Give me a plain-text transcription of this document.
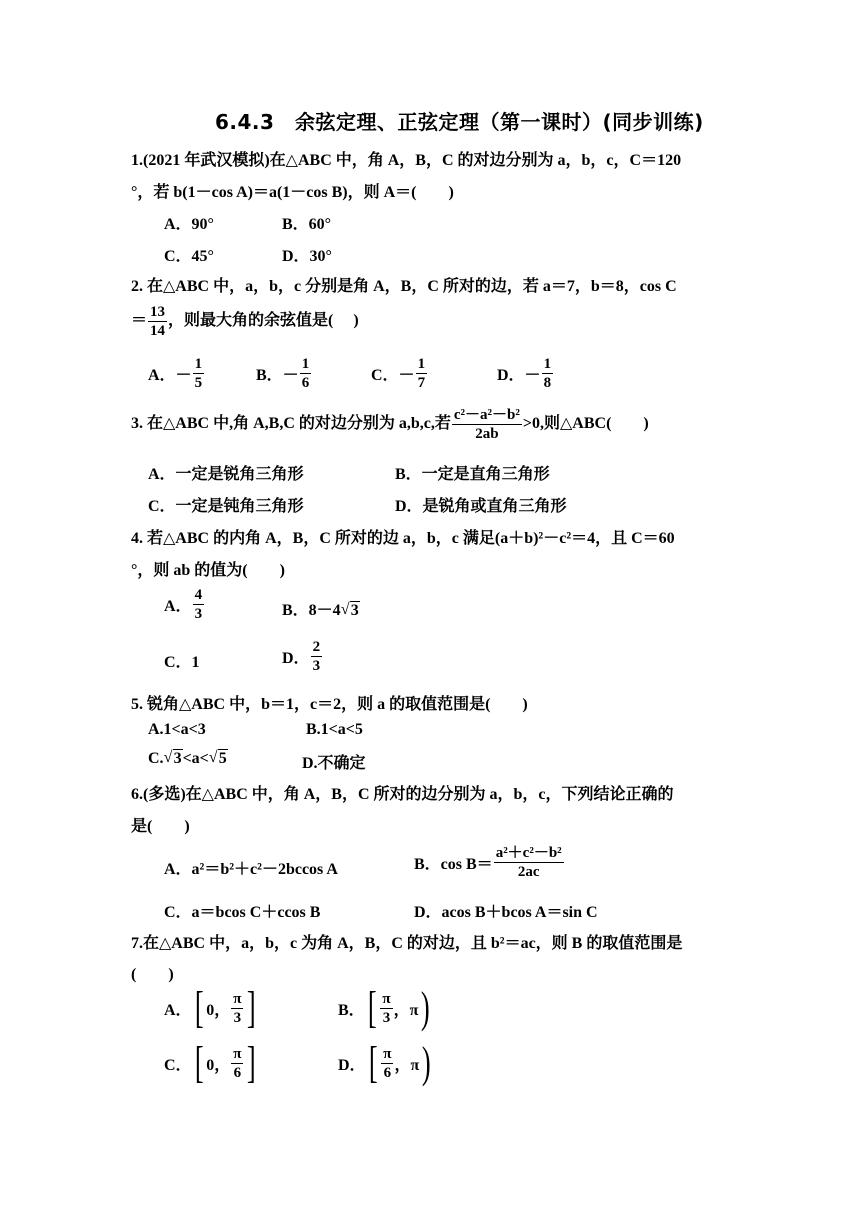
6.4.3　余弦定理、正弦定理（第一课时）(同步训练)
1.(2021 年武汉模拟)在△ABC 中，角 A，B，C 的对边分别为 a，b，c，C＝120
°，若 b(1－cos A)＝a(1－cos B)，则 A＝(　　)
A．90°	B．60°
C．45°	D．30°
2. 在△ABC 中，a，b，c 分别是角 A，B，C 所对的边，若 a＝7，b＝8，cos C
＝ $\frac{13}{14}$ ，则最大角的余弦值是(　 )
A．－ $\frac{1}{5}$	B．－ $\frac{1}{6}$	C．－ $\frac{1}{7}$	D．－ $\frac{1}{8}$
3. 在△ABC 中,角 A,B,C 的对边分别为 a,b,c,若 $\frac{\text{c²－a²－b²}}{2ab} >0$,则△ABC(　　)
A．一定是锐角三角形	B．一定是直角三角形
C．一定是钝角三角形	D．是锐角或直角三角形
4. 若△ABC 的内角 A，B，C 所对的边 a，b，c 满足(a＋b)²－c²＝4，且 C＝60
°，则 ab 的值为(　　)
A． $\frac{4}{3}$	B．8－4 √ 3
C．1	D． $\frac{2}{3}$
5. 锐角△ABC 中，b＝1，c＝2，则 a 的取值范围是(　　)
A.1<a<3	B.1<a<5
C. √ 3<a< √ 5	D.不确定
6.(多选)在△ABC 中，角 A，B，C 所对的边分别为 a，b，c，下列结论正确的
是(　　)
A．a²＝b²＋c²－2bccos A	B．$\cos B= \frac{\text{a²＋c²－b²}}{2ac}$
C．a＝bcos C＋ccos B	D．acos B＋bcos A＝sin C
7.在△ABC 中，a，b，c 为角 A，B，C 的对边，且 b²＝ac，则 B 的取值范围是
(　　)
A． [ 0， $\frac{\pi}{3}$ ]	B． [ $\frac{\pi}{3}$ ，π )
C． [ 0， $\frac{\pi}{6}$ ]	D． [ $\frac{\pi}{6}$ ，π )
